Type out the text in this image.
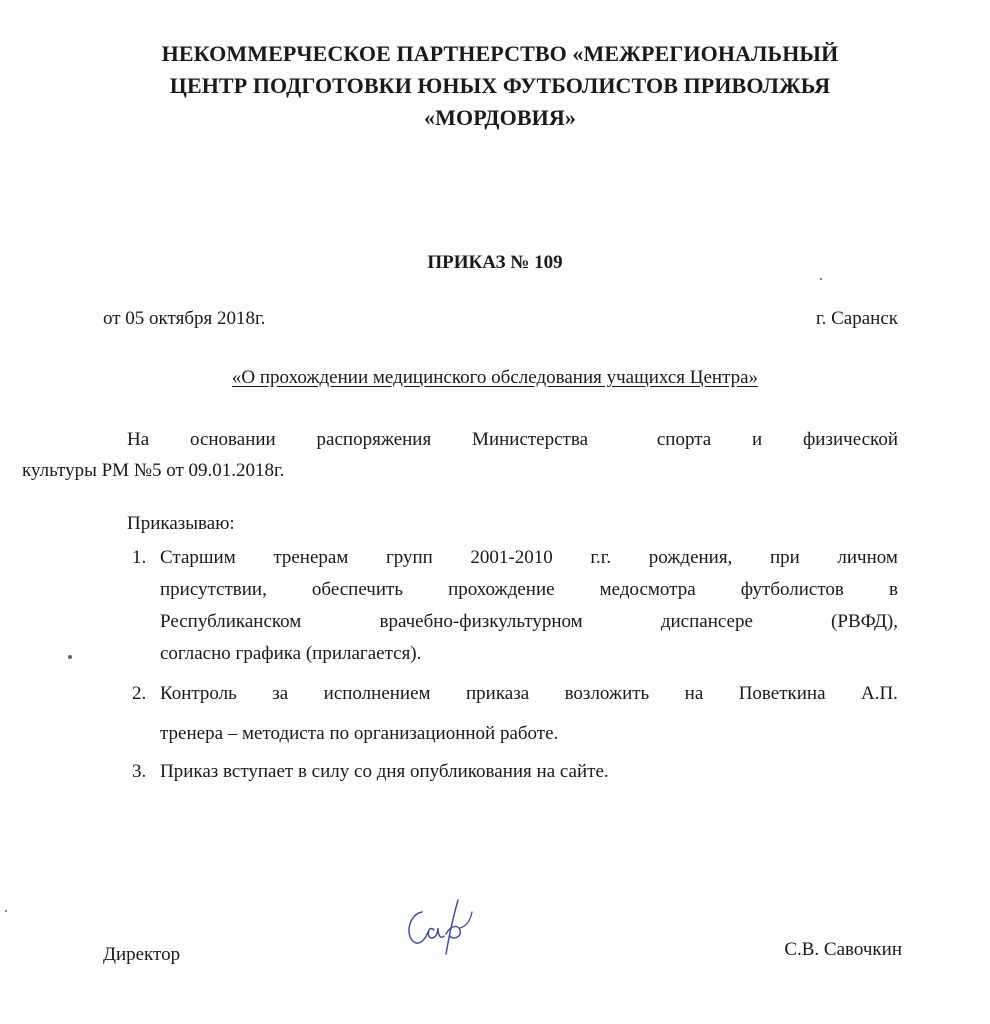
НЕКОММЕРЧЕСКОЕ ПАРТНЕРСТВО «МЕЖРЕГИОНАЛЬНЫЙ
ЦЕНТР ПОДГОТОВКИ ЮНЫХ ФУТБОЛИСТОВ ПРИВОЛЖЬЯ
«МОРДОВИЯ»
ПРИКАЗ № 109
от 05 октября 2018г.	г. Саранск
«О прохождении медицинского обследования учащихся Центра»
На основании распоряжения Министерства	спорта и физической
культуры РМ №5 от 09.01.2018г.
Приказываю:
1. Старшим тренерам групп 2001-2010 г.г. рождения, при личном
присутствии, обеспечить прохождение медосмотра футболистов в
Республиканском	врачебно-физкультурном	диспансере	(РВФД),
согласно графика (прилагается).
2. Контроль за исполнением приказа возложить на Поветкина А.П.
тренера – методиста по организационной работе.
3. Приказ вступает в силу со дня опубликования на сайте.
Директор	С.В. Савочкин
